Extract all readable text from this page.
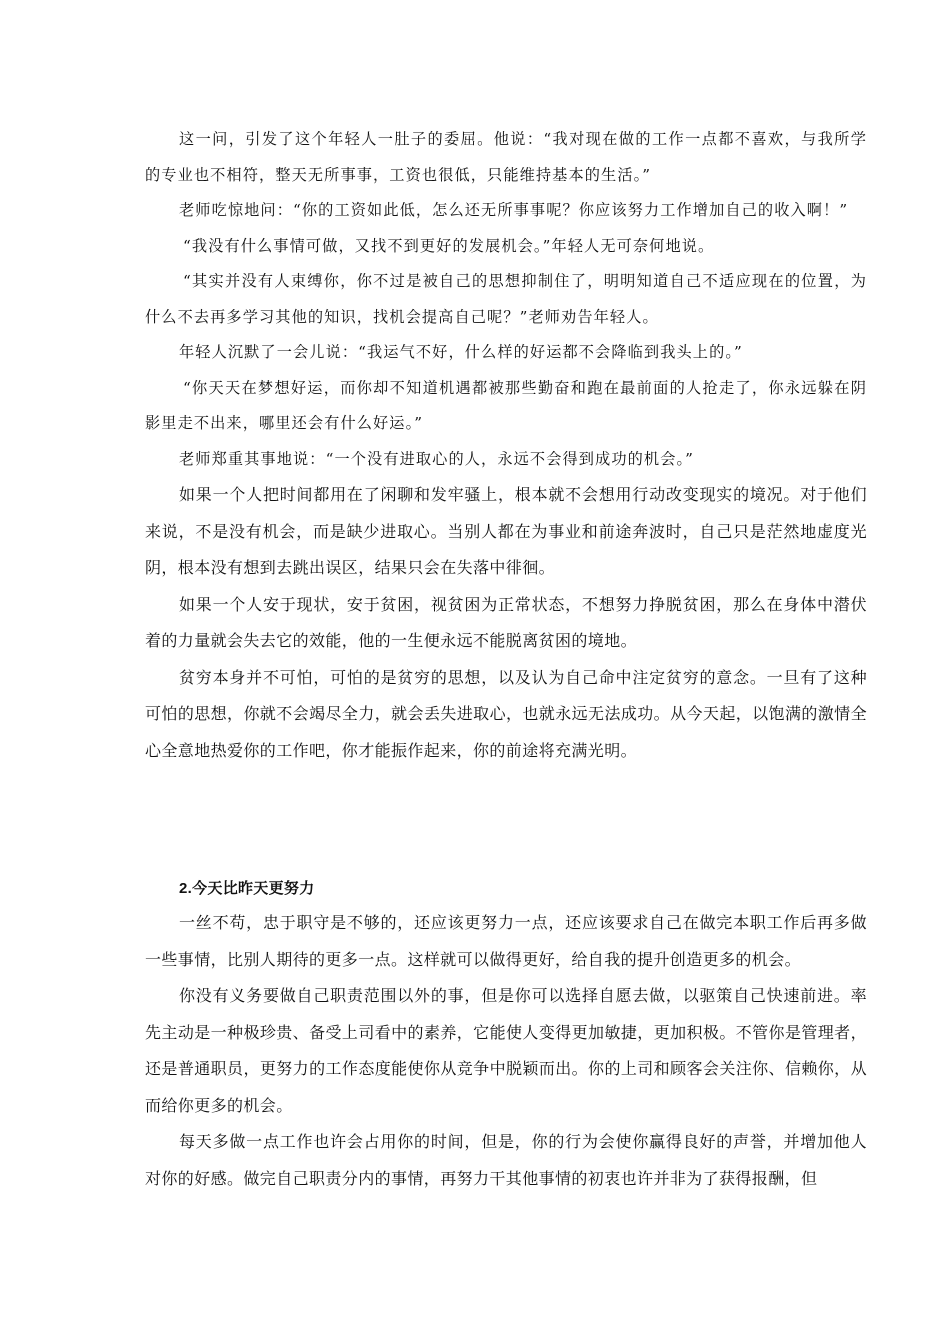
这一问，引发了这个年轻人一肚子的委屈。他说：“我对现在做的工作一点都不喜欢，与我所学的专业也不相符，整天无所事事，工资也很低，只能维持基本的生活。”

老师吃惊地问：“你的工资如此低，怎么还无所事事呢？你应该努力工作增加自己的收入啊！”

“我没有什么事情可做，又找不到更好的发展机会。”年轻人无可奈何地说。

“其实并没有人束缚你，你不过是被自己的思想抑制住了，明明知道自己不适应现在的位置，为什么不去再多学习其他的知识，找机会提高自己呢？”老师劝告年轻人。

年轻人沉默了一会儿说：“我运气不好，什么样的好运都不会降临到我头上的。”

“你天天在梦想好运，而你却不知道机遇都被那些勤奋和跑在最前面的人抢走了，你永远躲在阴影里走不出来，哪里还会有什么好运。”

老师郑重其事地说：“一个没有进取心的人，永远不会得到成功的机会。”

如果一个人把时间都用在了闲聊和发牢骚上，根本就不会想用行动改变现实的境况。对于他们来说，不是没有机会，而是缺少进取心。当别人都在为事业和前途奔波时，自己只是茫然地虚度光阴，根本没有想到去跳出误区，结果只会在失落中徘徊。

如果一个人安于现状，安于贫困，视贫困为正常状态，不想努力挣脱贫困，那么在身体中潜伏着的力量就会失去它的效能，他的一生便永远不能脱离贫困的境地。

贫穷本身并不可怕，可怕的是贫穷的思想，以及认为自己命中注定贫穷的意念。一旦有了这种可怕的思想，你就不会竭尽全力，就会丢失进取心，也就永远无法成功。从今天起，以饱满的激情全心全意地热爱你的工作吧，你才能振作起来，你的前途将充满光明。

2.今天比昨天更努力

一丝不苟，忠于职守是不够的，还应该更努力一点，还应该要求自己在做完本职工作后再多做一些事情，比别人期待的更多一点。这样就可以做得更好，给自我的提升创造更多的机会。

你没有义务要做自己职责范围以外的事，但是你可以选择自愿去做，以驱策自己快速前进。率先主动是一种极珍贵、备受上司看中的素养，它能使人变得更加敏捷，更加积极。不管你是管理者，还是普通职员，更努力的工作态度能使你从竞争中脱颖而出。你的上司和顾客会关注你、信赖你，从而给你更多的机会。

每天多做一点工作也许会占用你的时间，但是，你的行为会使你赢得良好的声誉，并增加他人对你的好感。做完自己职责分内的事情，再努力干其他事情的初衷也许并非为了获得报酬，但
